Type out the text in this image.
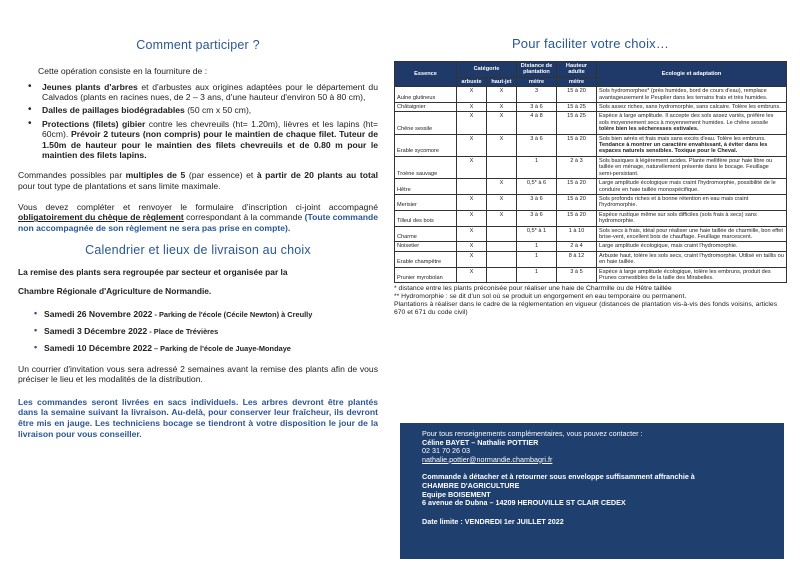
Comment participer ?
Cette opération consiste en la fourniture de :
• Jeunes plants d'arbres et d'arbustes aux origines adaptées pour le département du Calvados (plants en racines nues, de 2 – 3 ans, d'une hauteur d'environ 50 à 80 cm),
• Dalles de paillages biodégradables (50 cm x 50 cm),
• Protections (filets) gibier contre les chevreuils (ht= 1.20m), lièvres et les lapins (ht= 60cm). Prévoir 2 tuteurs (non compris) pour le maintien de chaque filet. Tuteur de 1.50m de hauteur pour le maintien des filets chevreuils et de 0.80 m pour le maintien des filets lapins.
Commandes possibles par multiples de 5 (par essence) et à partir de 20 plants au total pour tout type de plantations et sans limite maximale.
Vous devez compléter et renvoyer le formulaire d'inscription ci-joint accompagné obligatoirement du chèque de règlement correspondant à la commande (Toute commande non accompagnée de son règlement ne sera pas prise en compte).
Calendrier et lieux de livraison au choix
La remise des plants sera regroupée par secteur et organisée par la
Chambre Régionale d'Agriculture de Normandie.
• Samedi 26 Novembre 2022 - Parking de l'école (Cécile Newton) à Creully
• Samedi 3 Décembre 2022 - Place de Trévières
• Samedi 10 Décembre 2022 – Parking de l'école de Juaye-Mondaye
Un courrier d'invitation vous sera adressé 2 semaines avant la remise des plants afin de vous préciser le lieu et les modalités de la distribution.
Les commandes seront livrées en sacs individuels. Les arbres devront être plantés dans la semaine suivant la livraison. Au-delà, pour conserver leur fraîcheur, ils devront être mis en jauge. Les techniciens bocage se tiendront à votre disposition le jour de la livraison pour vous conseiller.
Pour faciliter votre choix…
Essence	Catégorie		Distance de plantation	Hauteur adulte	Ecologie et adaptation
	arbuste	haut-jet	mètre	mètre	
Aulne glutineux	X	X	3	15 à 20	Sols hydromorphes* (près humides, bord de cours d'eau), remplace avantageusement le Peuplier dans les terrains frais et très humides.
Châtaignier	X	X	3 à 6	15 à 25	Sols assez riches, sans hydromorphie, sans calcaire. Tolère les embruns.
Chêne sessile	X	X	4 à 8	15 à 25	Espèce à large amplitude. Il accepte des sols assez variés, préfère les sols moyennement secs à moyennement humides. Le chêne sessile tolère bien les sécheresses estivales.
Erable sycomore	X	X	3 à 6	15 à 20	Sols bien aérés et frais mais sans excès d'eau. Tolère les embruns. Tendance à montrer un caractère envahissant, à éviter dans les espaces naturels sensibles. Toxique pour le Cheval.
Troène sauvage	X		1	2 à 3	Sols basiques à légèrement acides. Plante mellifère pour haie libre ou taillée en ménage, naturellement présente dans le bocage. Feuillage semi-persistant.
Hêtre		X	0,5* à 6	15 à 20	Large amplitude écologique mais craint l'hydromorphie, possibilité de le conduire en haie taillée monospécifique.
Merisier	X	X	3 à 6	15 à 20	Sols profonds riches et à bonne rétention en eau mais craint l'hydromorphie.
Tilleul des bois	X	X	3 à 6	15 à 20	Espèce rustique même sur sols difficiles (sols frais à secs) sans hydromorphie.
Charme	X		0,5* à 1	1 à 10	Sols secs à frais, idéal pour réaliser une haie taillée de charmille, bon effet brise-vent, excellent bois de chauffage. Feuillage marcescent.
Noisetier	X		1	2 à 4	Large amplitude écologique, mais craint l'hydromorphie.
Erable champêtre	X		1	8 à 12	Arbuste haut, tolère les sols secs, craint l'hydromorphie. Utilisé en taillis ou en haie taillée.
Prunier myrobolan	X		1	3 à 5	Espèce à large amplitude écologique, tolère les embruns, produit des Prunes comestibles de la taille des Mirabelles.
* distance entre les plants préconisée pour réaliser une haie de Charmille ou de Hêtre taillée
** Hydromorphie : se dit d'un sol où se produit un engorgement en eau temporaire ou permanent.
Plantations à réaliser dans le cadre de la réglementation en vigueur (distances de plantation vis-à-vis des fonds voisins, articles 670 et 671 du code civil)
Pour tous renseignements complémentaires, vous pouvez contacter :
Céline BAYET – Nathalie POTTIER
02 31 70 26 03
nathalie.pottier@normandie.chambagri.fr
Commande à détacher et à retourner sous enveloppe suffisamment affranchie à
CHAMBRE D'AGRICULTURE
Equipe BOISEMENT
6 avenue de Dubna – 14209 HEROUVILLE ST CLAIR CEDEX
Date limite : VENDREDI 1er JUILLET 2022
